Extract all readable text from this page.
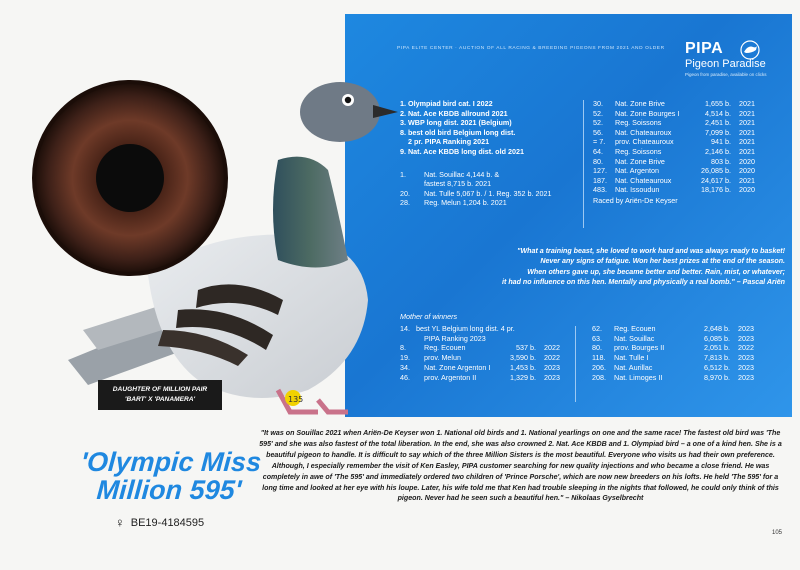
PIPA ELITE CENTER · AUCTION OF ALL RACING & BREEDING PIGEONS FROM 2021 AND OLDER PIPA
Pigeon Paradise
Pigeon from paradise, available on clicks
1. Olympiad bird cat. I 2022
2. Nat. Ace KBDB allround 2021
3. WBP long dist. 2021 (Belgium)
8. best old bird Belgium long dist.
2 pr. PIPA Ranking 2021
9. Nat. Ace KBDB long dist. old 2021
1.	Nat. Souillac 4,144 b. &
fastest 8,715 b. 2021
20.	Nat. Tulle 5,067 b. / 1. Reg. 352 b. 2021
28.	Reg. Melun 1,204 b. 2021
30.	Nat. Zone Brive	1,655 b.	2021
52.	Nat. Zone Bourges I	4,514 b.	2021
52.	Reg. Soissons	2,451 b.	2021
56.	Nat. Chateauroux	7,099 b.	2021
= 7.	prov. Chateauroux	941 b.	2021
64.	Reg. Soissons	2,146 b.	2021
80.	Nat. Zone Brive	803 b.	2020
127.	Nat. Argenton	26,085 b.	2020
187.	Nat. Chateauroux	24,617 b.	2021
483.	Nat. Issoudun	18,176 b.	2020
Raced by Ariën-De Keyser
"What a training beast, she loved to work hard and was always ready to basket!
Never any signs of fatigue. Won her best prizes at the end of the season.
When others gave up, she became better and better. Rain, mist, or whatever;
it had no influence on this hen. Mentally and physically a real bomb." – Pascal Ariën
Mother of winners
14. best YL Belgium long dist. 4 pr.
PIPA Ranking 2023
8.	Reg. Ecouen	537 b.	2022
19.	prov. Melun	3,590 b.	2022
34.	Nat. Zone Argenton I	1,453 b.	2023
46.	prov. Argenton II	1,329 b.	2023
62.	Reg. Ecouen	2,648 b.	2023
63.	Nat. Souillac	6,085 b.	2023
80.	prov. Bourges II	2,051 b.	2022
118.	Nat. Tulle I	7,813 b.	2023
206.	Nat. Aurillac	6,512 b.	2023
208.	Nat. Limoges II	8,970 b.	2023
135
DAUGHTER OF MILLION PAIR
'BART' X 'PANAMERA'
'Olympic Miss
Million 595'
♀ BE19-4184595
"It was on Souillac 2021 when Ariën-De Keyser won 1. National old birds and 1. National yearlings on one and the same race! The fastest old bird was 'The 595' and she was also fastest of the total liberation. In the end, she was also crowned 2. Nat. Ace KBDB and 1. Olympiad bird – a one of a kind hen. She is a beautiful pigeon to handle. It is difficult to say which of the three Million Sisters is the most beautiful. Everyone who visits us had their own preference. Although, I especially remember the visit of Ken Easley, PIPA customer searching for new quality injections and who became a close friend. He was completely in awe of 'The 595' and immediately ordered two children of 'Prince Porsche', which are now new breeders on his lofts. He held 'The 595' for a long time and looked at her eye with his loupe. Later, his wife told me that Ken had trouble sleeping in the nights that followed, he could only think of this pigeon. Never had he seen such a beautiful hen." – Nikolaas Gyselbrecht
105
